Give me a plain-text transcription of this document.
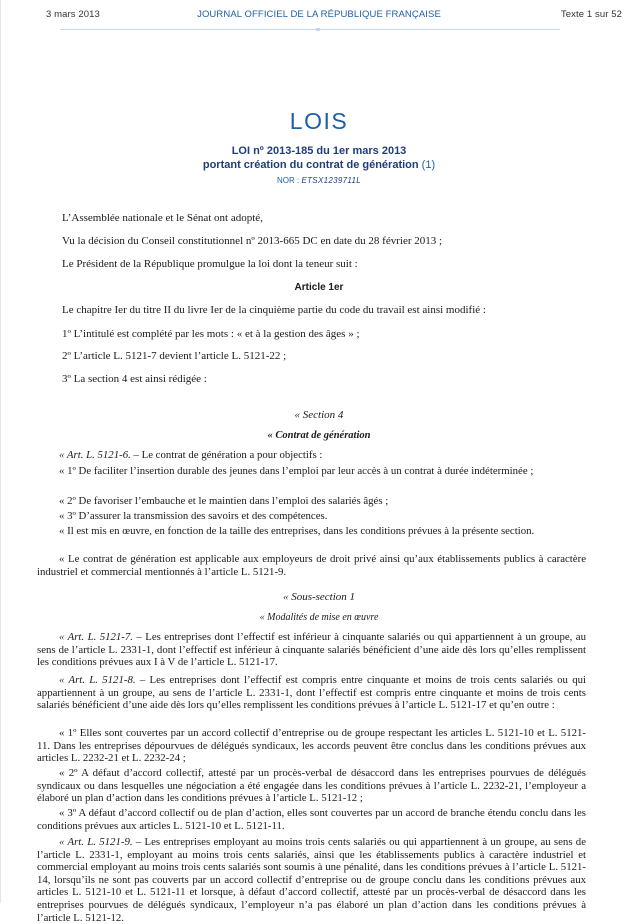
3 mars 2013	JOURNAL OFFICIEL DE LA RÉPUBLIQUE FRANÇAISE	Texte 1 sur 52
LOIS
LOI nº 2013-185 du 1er mars 2013
portant création du contrat de génération (1)
NOR : ETSX1239711L
L’Assemblée nationale et le Sénat ont adopté,
Vu la décision du Conseil constitutionnel nº 2013-665 DC en date du 28 février 2013 ;
Le Président de la République promulgue la loi dont la teneur suit :
Article 1er
Le chapitre Ier du titre II du livre Ier de la cinquième partie du code du travail est ainsi modifié :
1º L’intitulé est complété par les mots : « et à la gestion des âges » ;
2º L’article L. 5121-7 devient l’article L. 5121-22 ;
3º La section 4 est ainsi rédigée :
« Section 4
« Contrat de génération
« Art. L. 5121-6. – Le contrat de génération a pour objectifs :
« 1º De faciliter l’insertion durable des jeunes dans l’emploi par leur accès à un contrat à durée indéterminée ;
« 2º De favoriser l’embauche et le maintien dans l’emploi des salariés âgés ;
« 3º D’assurer la transmission des savoirs et des compétences.
« Il est mis en œuvre, en fonction de la taille des entreprises, dans les conditions prévues à la présente section.
« Le contrat de génération est applicable aux employeurs de droit privé ainsi qu’aux établissements publics à caractère industriel et commercial mentionnés à l’article L. 5121-9.
« Sous-section 1
« Modalités de mise en œuvre
« Art. L. 5121-7. – Les entreprises dont l’effectif est inférieur à cinquante salariés ou qui appartiennent à un groupe, au sens de l’article L. 2331-1, dont l’effectif est inférieur à cinquante salariés bénéficient d’une aide dès lors qu’elles remplissent les conditions prévues aux I à V de l’article L. 5121-17.
« Art. L. 5121-8. – Les entreprises dont l’effectif est compris entre cinquante et moins de trois cents salariés ou qui appartiennent à un groupe, au sens de l’article L. 2331-1, dont l’effectif est compris entre cinquante et moins de trois cents salariés bénéficient d’une aide dès lors qu’elles remplissent les conditions prévues à l’article L. 5121-17 et qu’en outre :
« 1º Elles sont couvertes par un accord collectif d’entreprise ou de groupe respectant les articles L. 5121-10 et L. 5121-11. Dans les entreprises dépourvues de délégués syndicaux, les accords peuvent être conclus dans les conditions prévues aux articles L. 2232-21 et L. 2232-24 ;
« 2º A défaut d’accord collectif, attesté par un procès-verbal de désaccord dans les entreprises pourvues de délégués syndicaux ou dans lesquelles une négociation a été engagée dans les conditions prévues à l’article L. 2232-21, l’employeur a élaboré un plan d’action dans les conditions prévues à l’article L. 5121-12 ;
« 3º A défaut d’accord collectif ou de plan d’action, elles sont couvertes par un accord de branche étendu conclu dans les conditions prévues aux articles L. 5121-10 et L. 5121-11.
« Art. L. 5121-9. – Les entreprises employant au moins trois cents salariés ou qui appartiennent à un groupe, au sens de l’article L. 2331-1, employant au moins trois cents salariés, ainsi que les établissements publics à caractère industriel et commercial employant au moins trois cents salariés sont soumis à une pénalité, dans les conditions prévues à l’article L. 5121-14, lorsqu’ils ne sont pas couverts par un accord collectif d’entreprise ou de groupe conclu dans les conditions prévues aux articles L. 5121-10 et L. 5121-11 et lorsque, à défaut d’accord collectif, attesté par un procès-verbal de désaccord dans les entreprises pourvues de délégués syndicaux, l’employeur n’a pas élaboré un plan d’action dans les conditions prévues à l’article L. 5121-12.
